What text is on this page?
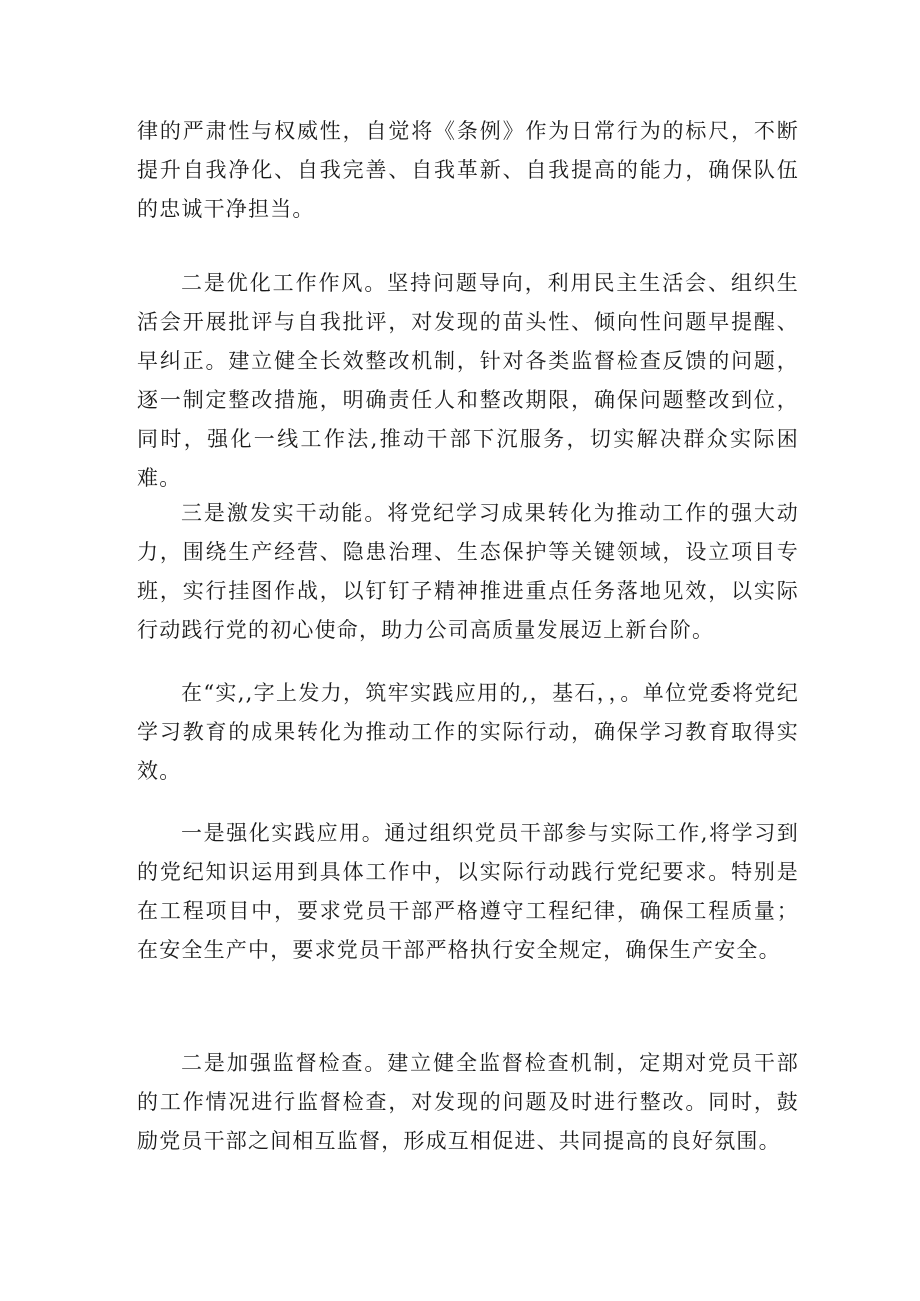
律的严肃性与权威性，自觉将《条例》作为日常行为的标尺，不断提升自我净化、自我完善、自我革新、自我提高的能力，确保队伍的忠诚干净担当。

二是优化工作作风。坚持问题导向，利用民主生活会、组织生活会开展批评与自我批评，对发现的苗头性、倾向性问题早提醒、早纠正。建立健全长效整改机制，针对各类监督检查反馈的问题，逐一制定整改措施，明确责任人和整改期限，确保问题整改到位，同时，强化一线工作法,推动干部下沉服务，切实解决群众实际困难。

三是激发实干动能。将党纪学习成果转化为推动工作的强大动力，围绕生产经营、隐患治理、生态保护等关键领域，设立项目专班，实行挂图作战，以钉钉子精神推进重点任务落地见效，以实际行动践行党的初心使命，助力公司高质量发展迈上新台阶。

在“实,,字上发力，筑牢实践应用的,，基石，，。单位党委将党纪学习教育的成果转化为推动工作的实际行动，确保学习教育取得实效。

一是强化实践应用。通过组织党员干部参与实际工作,将学习到的党纪知识运用到具体工作中，以实际行动践行党纪要求。特别是在工程项目中，要求党员干部严格遵守工程纪律，确保工程质量；在安全生产中，要求党员干部严格执行安全规定，确保生产安全。

二是加强监督检查。建立健全监督检查机制，定期对党员干部的工作情况进行监督检查，对发现的问题及时进行整改。同时，鼓励党员干部之间相互监督，形成互相促进、共同提高的良好氛围。
